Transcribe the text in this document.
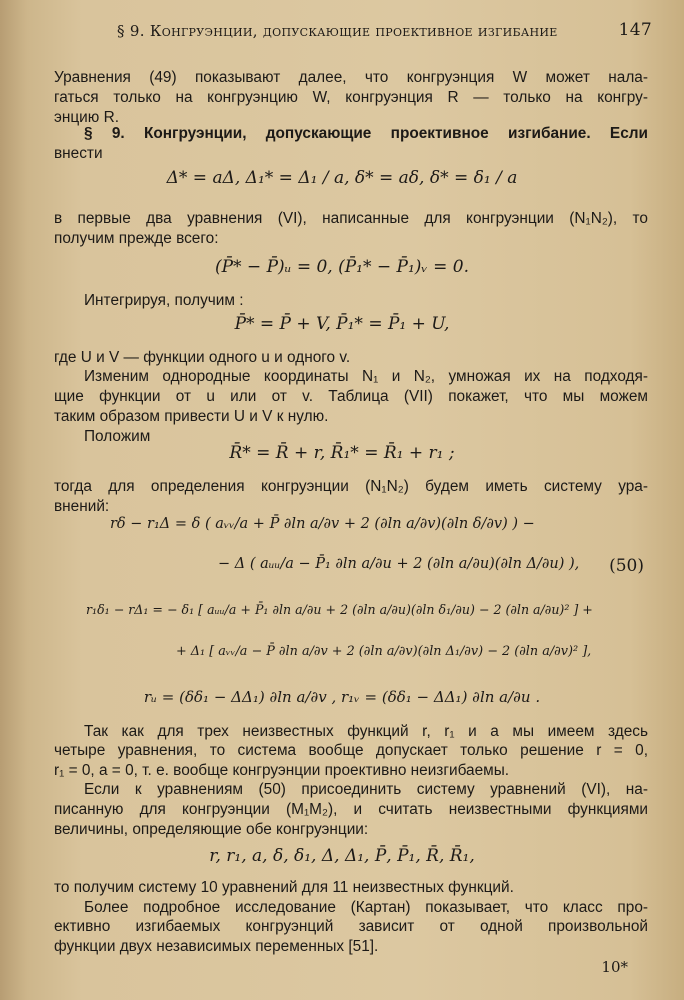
§ 9. Конгруэнции, допускающие проективное изгибание	147
Уравнения (49) показывают далее, что конгруэнция W может нала-
гаться только на конгруэнцию W, конгруэнция R — только на конгру-
энцию R.
§ 9. Конгруэнции, допускающие проективное изгибание. Если
внести
Δ* = aΔ, Δ₁* = Δ₁ / a, δ* = aδ, δ* = δ₁ / a
в первые два уравнения (VI), написанные для конгруэнции (N₁N₂), то
получим прежде всего:
(P̄* − P̄)ᵤ = 0, (P̄₁* − P̄₁)ᵥ = 0.
Интегрируя, получим :
P̄* = P̄ + V, P̄₁* = P̄₁ + U,
где U и V — функции одного u и одного v.
Изменим однородные координаты N₁ и N₂, умножая их на подходя-
щие функции от u или от v. Таблица (VII) покажет, что мы можем
таким образом привести U и V к нулю.
Положим
R̄* = R̄ + r, R̄₁* = R̄₁ + r₁ ;
тогда для определения конгруэнции (N₁N₂) будем иметь систему ура-
внений:
rδ − r₁Δ = δ ( aᵥᵥ/a + P̄ ∂ln a/∂v + 2 (∂ln a/∂v)(∂ln δ/∂v) ) −
− Δ ( aᵤᵤ/a − P̄₁ ∂ln a/∂u + 2 (∂ln a/∂u)(∂ln Δ/∂u) ), (50)
r₁δ₁ − rΔ₁ = − δ₁ [ aᵤᵤ/a + P̄₁ ∂ln a/∂u + 2 (∂ln a/∂u)(∂ln δ₁/∂u) − 2 (∂ln a/∂u)² ] +
+ Δ₁ [ aᵥᵥ/a − P̄ ∂ln a/∂v + 2 (∂ln a/∂v)(∂ln Δ₁/∂v) − 2 (∂ln a/∂v)² ],
rᵤ = (δδ₁ − ΔΔ₁) ∂ln a/∂v , r₁ᵥ = (δδ₁ − ΔΔ₁) ∂ln a/∂u .
Так как для трех неизвестных функций r, r₁ и a мы имеем здесь
четыре уравнения, то система вообще допускает только решение r = 0,
r₁ = 0, a = 0, т. е. вообще конгруэнции проективно неизгибаемы.
Если к уравнениям (50) присоединить систему уравнений (VI), на-
писанную для конгруэнции (M₁M₂), и считать неизвестными функциями
величины, определяющие обе конгруэнции:
r, r₁, a, δ, δ₁, Δ, Δ₁, P̄, P̄₁, R̄, R̄₁,
то получим систему 10 уравнений для 11 неизвестных функций.
Более подробное исследование (Картан) показывает, что класс про-
ективно изгибаемых конгруэнций зависит от одной произвольной
функции двух независимых переменных [51].
10*
